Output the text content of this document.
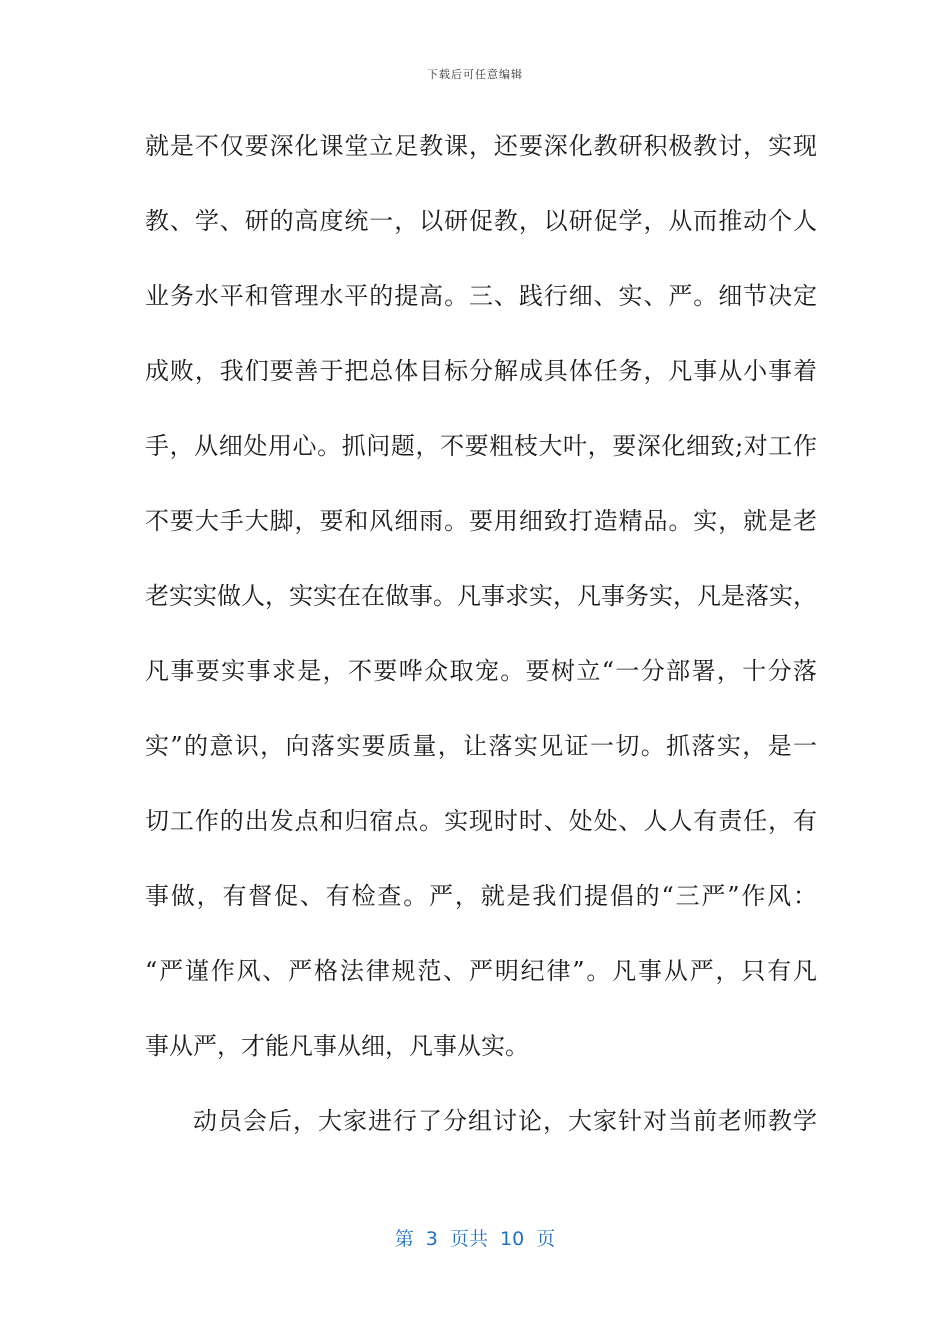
下载后可任意编辑
就是不仅要深化课堂立足教课，还要深化教研积极教讨，实现
教、学、研的高度统一，以研促教，以研促学，从而推动个人
业务水平和管理水平的提高。三、践行细、实、严。细节决定
成败，我们要善于把总体目标分解成具体任务，凡事从小事着
手，从细处用心。抓问题，不要粗枝大叶，要深化细致;对工作
不要大手大脚，要和风细雨。要用细致打造精品。实，就是老
老实实做人，实实在在做事。凡事求实，凡事务实，凡是落实，
凡事要实事求是，不要哗众取宠。要树立“一分部署，十分落
实”的意识，向落实要质量，让落实见证一切。抓落实，是一
切工作的出发点和归宿点。实现时时、处处、人人有责任，有
事做，有督促、有检查。严，就是我们提倡的“三严”作风：
“严谨作风、严格法律规范、严明纪律”。凡事从严，只有凡
事从严，才能凡事从细，凡事从实。
动员会后，大家进行了分组讨论，大家针对当前老师教学
第  3  页共  10  页
